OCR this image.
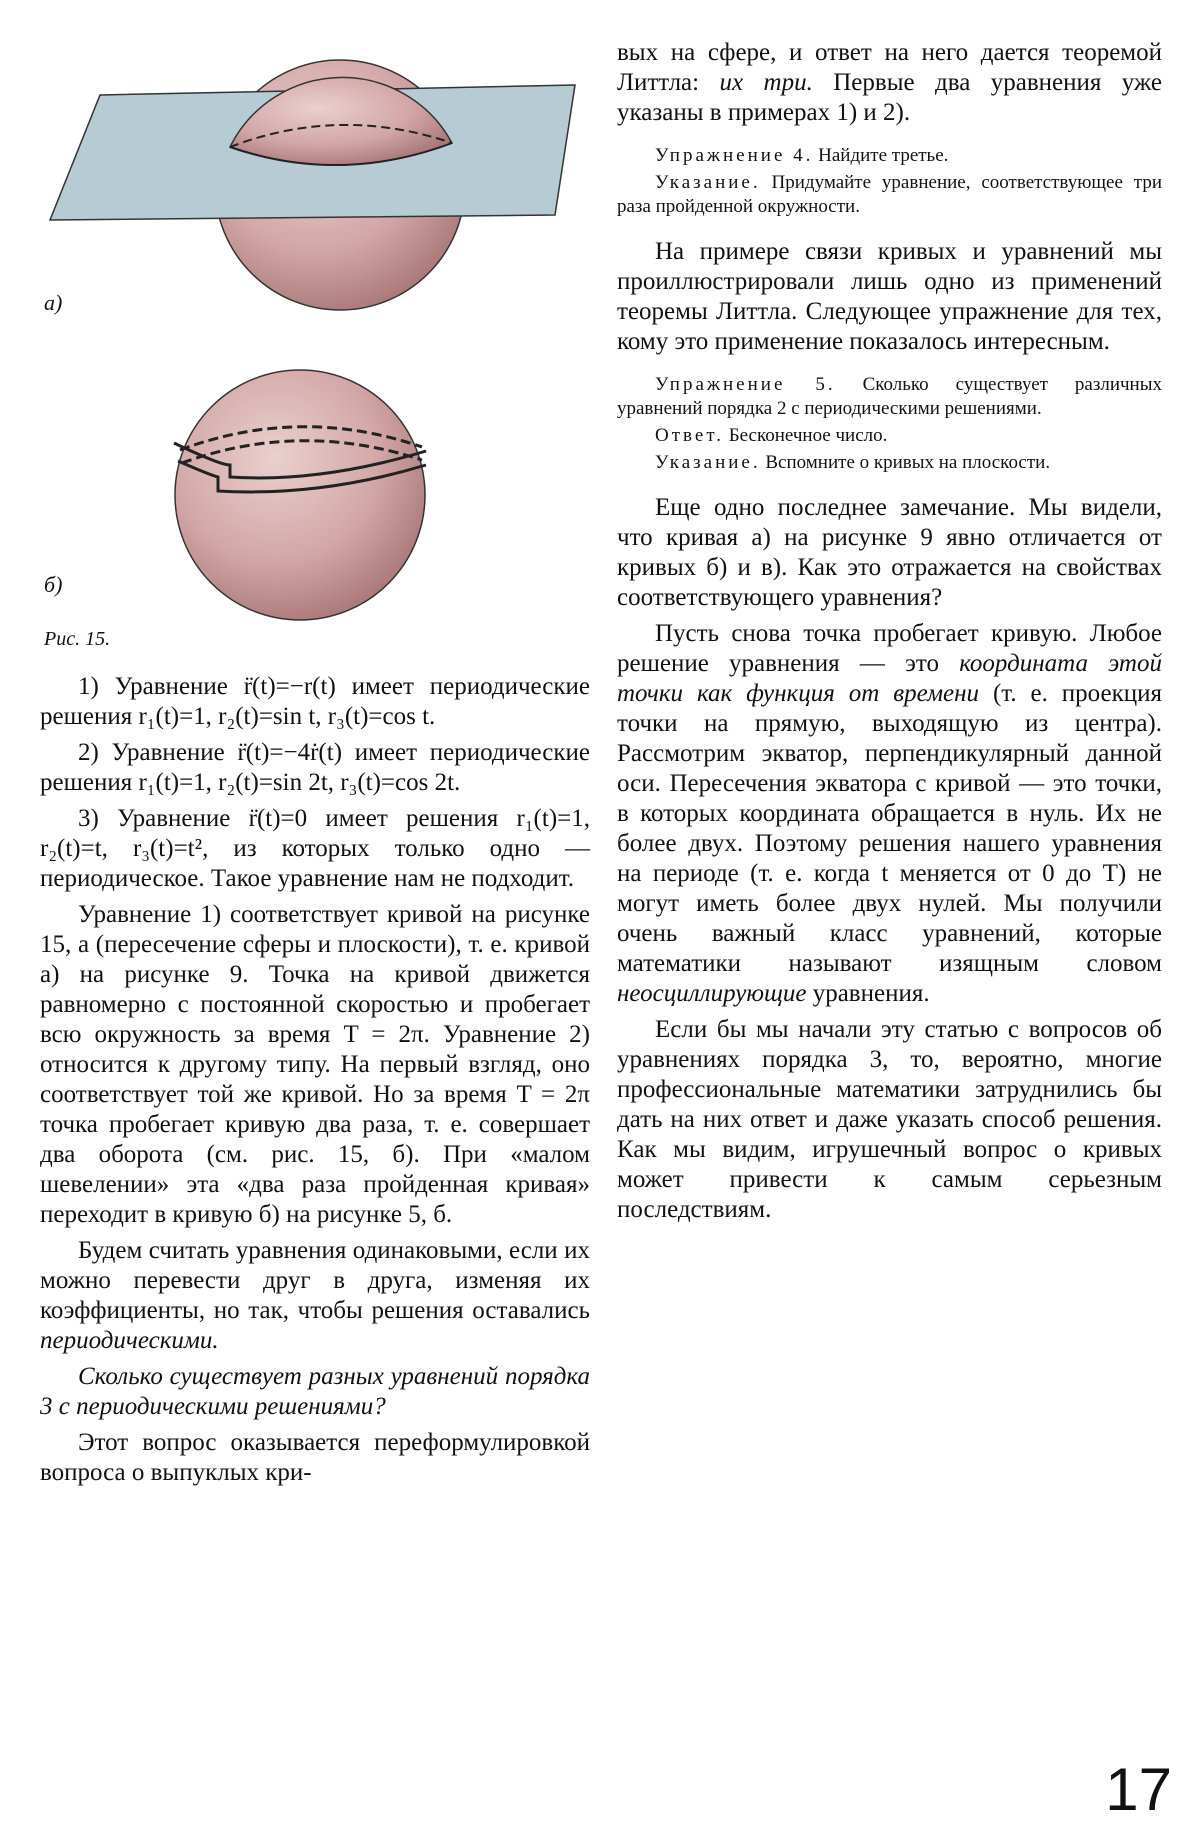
а)
б)
Рис. 15.

1) Уравнение r̈(t)=−r(t) имеет периодические решения r₁(t)=1, r₂(t)=sin t, r₃(t)=cos t.

2) Уравнение r̈(t)=−4ṙ(t) имеет периодические решения r₁(t)=1, r₂(t)=sin 2t, r₃(t)=cos 2t.

3) Уравнение r̈(t)=0 имеет решения r₁(t)=1, r₂(t)=t, r₃(t)=t², из которых только одно — периодическое. Такое уравнение нам не подходит.

Уравнение 1) соответствует кривой на рисунке 15, а (пересечение сферы и плоскости), т. е. кривой а) на рисунке 9. Точка на кривой движется равномерно с постоянной скоростью и пробегает всю окружность за время T = 2π. Уравнение 2) относится к другому типу. На первый взгляд, оно соответствует той же кривой. Но за время T = 2π точка пробегает кривую два раза, т. е. совершает два оборота (см. рис. 15, б). При «малом шевелении» эта «два раза пройденная кривая» переходит в кривую б) на рисунке 5, б.

Будем считать уравнения одинаковыми, если их можно перевести друг в друга, изменяя их коэффициенты, но так, чтобы решения оставались периодическими.

Сколько существует разных уравнений порядка 3 с периодическими решениями?

Этот вопрос оказывается переформулировкой вопроса о выпуклых кри-

вых на сфере, и ответ на него дается теоремой Литтла: их три. Первые два уравнения уже указаны в примерах 1) и 2).

Упражнение 4. Найдите третье.

Указание. Придумайте уравнение, соответствующее три раза пройденной окружности.

На примере связи кривых и уравнений мы проиллюстрировали лишь одно из применений теоремы Литтла. Следующее упражнение для тех, кому это применение показалось интересным.

Упражнение 5. Сколько существует различных уравнений порядка 2 с периодическими решениями.

Ответ. Бесконечное число.

Указание. Вспомните о кривых на плоскости.

Еще одно последнее замечание. Мы видели, что кривая а) на рисунке 9 явно отличается от кривых б) и в). Как это отражается на свойствах соответствующего уравнения?

Пусть снова точка пробегает кривую. Любое решение уравнения — это координата этой точки как функция от времени (т. е. проекция точки на прямую, выходящую из центра). Рассмотрим экватор, перпендикулярный данной оси. Пересечения экватора с кривой — это точки, в которых координата обращается в нуль. Их не более двух. Поэтому решения нашего уравнения на периоде (т. е. когда t меняется от 0 до T) не могут иметь более двух нулей. Мы получили очень важный класс уравнений, которые математики называют изящным словом неосциллирующие уравнения.

Если бы мы начали эту статью с вопросов об уравнениях порядка 3, то, вероятно, многие профессиональные математики затруднились бы дать на них ответ и даже указать способ решения. Как мы видим, игрушечный вопрос о кривых может привести к самым серьезным последствиям.

17
